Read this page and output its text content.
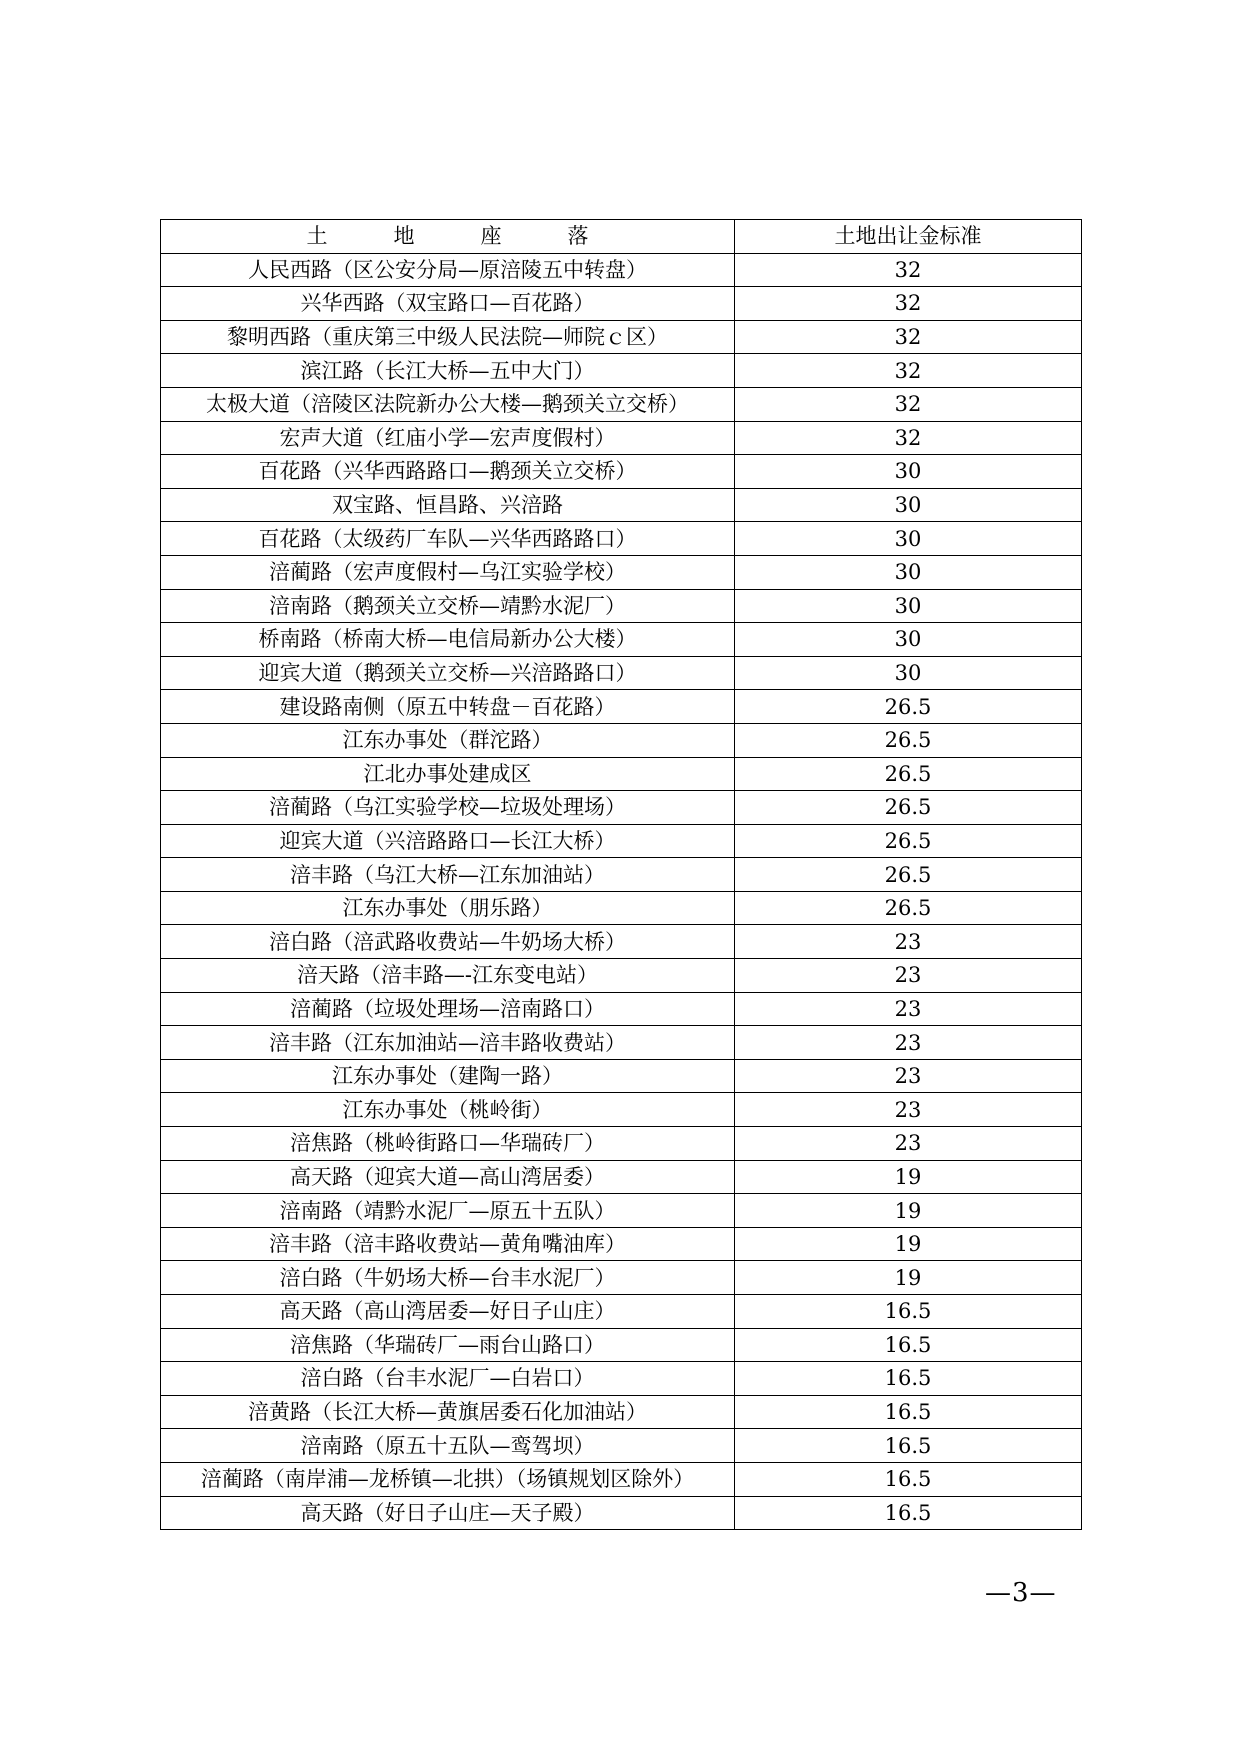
土地座落	土地出让金标准
人民西路（区公安分局—原涪陵五中转盘）	32
兴华西路（双宝路口—百花路）	32
黎明西路（重庆第三中级人民法院—师院ｃ区）	32
滨江路（长江大桥—五中大门）	32
太极大道（涪陵区法院新办公大楼—鹅颈关立交桥）	32
宏声大道（红庙小学—宏声度假村）	32
百花路（兴华西路路口—鹅颈关立交桥）	30
双宝路、恒昌路、兴涪路	30
百花路（太级药厂车队—兴华西路路口）	30
涪蔺路（宏声度假村—乌江实验学校）	30
涪南路（鹅颈关立交桥—靖黔水泥厂）	30
桥南路（桥南大桥—电信局新办公大楼）	30
迎宾大道（鹅颈关立交桥—兴涪路路口）	30
建设路南侧（原五中转盘－百花路）	26.5
江东办事处（群沱路）	26.5
江北办事处建成区	26.5
涪蔺路（乌江实验学校—垃圾处理场）	26.5
迎宾大道（兴涪路路口—长江大桥）	26.5
涪丰路（乌江大桥—江东加油站）	26.5
江东办事处（朋乐路）	26.5
涪白路（涪武路收费站—牛奶场大桥）	23
涪天路（涪丰路—-江东变电站）	23
涪蔺路（垃圾处理场—涪南路口）	23
涪丰路（江东加油站—涪丰路收费站）	23
江东办事处（建陶一路）	23
江东办事处（桃岭街）	23
涪焦路（桃岭街路口—华瑞砖厂）	23
高天路（迎宾大道—高山湾居委）	19
涪南路（靖黔水泥厂—原五十五队）	19
涪丰路（涪丰路收费站—黄角嘴油库）	19
涪白路（牛奶场大桥—台丰水泥厂）	19
高天路（高山湾居委—好日子山庄）	16.5
涪焦路（华瑞砖厂—雨台山路口）	16.5
涪白路（台丰水泥厂—白岩口）	16.5
涪黄路（长江大桥—黄旗居委石化加油站）	16.5
涪南路（原五十五队—鸾驾坝）	16.5
涪蔺路（南岸浦—龙桥镇—北拱）（场镇规划区除外）	16.5
高天路（好日子山庄—天子殿）	16.5
—3—
